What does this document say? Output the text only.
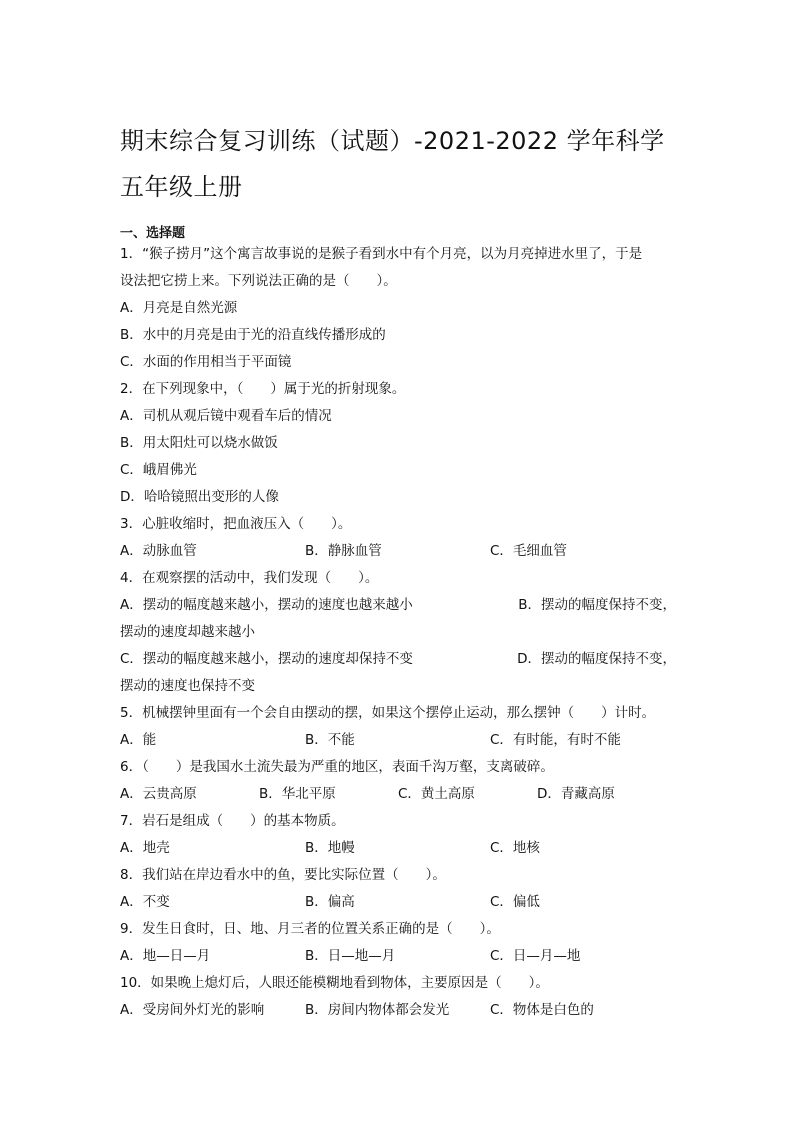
期末综合复习训练（试题）-2021-2022 学年科学五年级上册
一、选择题
1．“猴子捞月”这个寓言故事说的是猴子看到水中有个月亮，以为月亮掉进水里了，于是
设法把它捞上来。下列说法正确的是（　　）。
A．月亮是自然光源
B．水中的月亮是由于光的沿直线传播形成的
C．水面的作用相当于平面镜
2．在下列现象中，（　　）属于光的折射现象。
A．司机从观后镜中观看车后的情况
B．用太阳灶可以烧水做饭
C．峨眉佛光
D．哈哈镜照出变形的人像
3．心脏收缩时，把血液压入（　　）。
A．动脉血管	B．静脉血管	C．毛细血管
4．在观察摆的活动中，我们发现（　　）。
A．摆动的幅度越来越小，摆动的速度也越来越小	B．摆动的幅度保持不变，
摆动的速度却越来越小
C．摆动的幅度越来越小，摆动的速度却保持不变	D．摆动的幅度保持不变，
摆动的速度也保持不变
5．机械摆钟里面有一个会自由摆动的摆，如果这个摆停止运动，那么摆钟（　　）计时。
A．能	B．不能	C．有时能，有时不能
6．（　　）是我国水土流失最为严重的地区，表面千沟万壑，支离破碎。
A．云贵高原	B．华北平原	C．黄土高原	D．青藏高原
7．岩石是组成（　　）的基本物质。
A．地壳	B．地幔	C．地核
8．我们站在岸边看水中的鱼，要比实际位置（　　）。
A．不变	B．偏高	C．偏低
9．发生日食时，日、地、月三者的位置关系正确的是（　　）。
A．地—日—月	B．日—地—月	C．日—月—地
10．如果晚上熄灯后，人眼还能模糊地看到物体，主要原因是（　　）。
A．受房间外灯光的影响	B．房间内物体都会发光	C．物体是白色的
